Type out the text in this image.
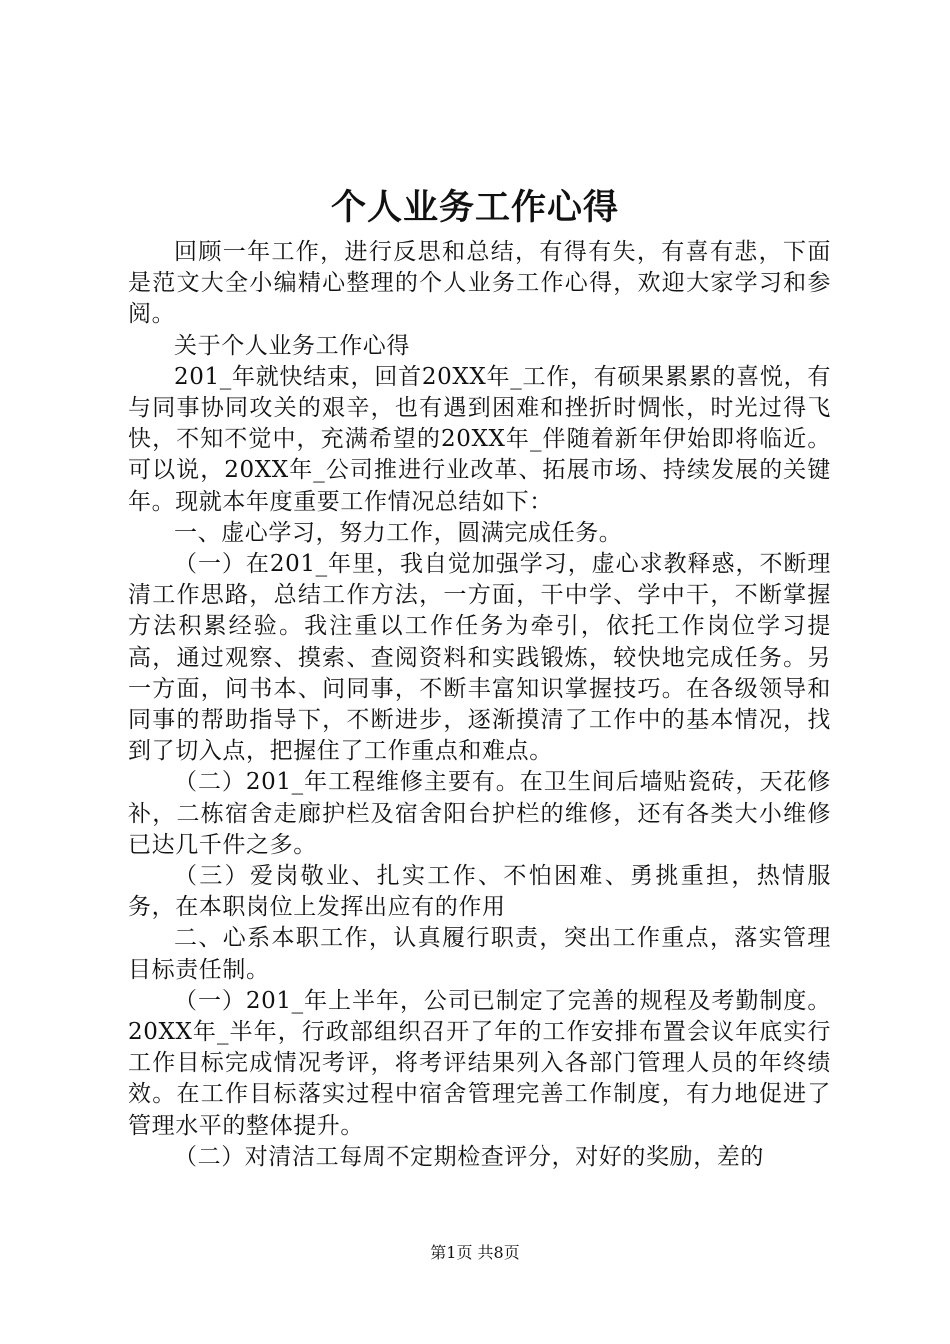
个人业务工作心得

回顾一年工作，进行反思和总结，有得有失，有喜有悲，下面是范文大全小编精心整理的个人业务工作心得，欢迎大家学习和参阅。

关于个人业务工作心得

201_年就快结束，回首20XX年_工作，有硕果累累的喜悦，有与同事协同攻关的艰辛，也有遇到困难和挫折时惆怅，时光过得飞快，不知不觉中，充满希望的20XX年_伴随着新年伊始即将临近。可以说，20XX年_公司推进行业改革、拓展市场、持续发展的关键年。现就本年度重要工作情况总结如下：

一、虚心学习，努力工作，圆满完成任务。

（一）在201_年里，我自觉加强学习，虚心求教释惑，不断理清工作思路，总结工作方法，一方面，干中学、学中干，不断掌握方法积累经验。我注重以工作任务为牵引，依托工作岗位学习提高，通过观察、摸索、查阅资料和实践锻炼，较快地完成任务。另一方面，问书本、问同事，不断丰富知识掌握技巧。在各级领导和同事的帮助指导下，不断进步，逐渐摸清了工作中的基本情况，找到了切入点，把握住了工作重点和难点。

（二）201_年工程维修主要有。在卫生间后墙贴瓷砖，天花修补，二栋宿舍走廊护栏及宿舍阳台护栏的维修，还有各类大小维修已达几千件之多。

（三）爱岗敬业、扎实工作、不怕困难、勇挑重担，热情服务，在本职岗位上发挥出应有的作用

二、心系本职工作，认真履行职责，突出工作重点，落实管理目标责任制。

（一）201_年上半年，公司已制定了完善的规程及考勤制度。20XX年_半年，行政部组织召开了年的工作安排布置会议年底实行工作目标完成情况考评，将考评结果列入各部门管理人员的年终绩效。在工作目标落实过程中宿舍管理完善工作制度，有力地促进了管理水平的整体提升。

（二）对清洁工每周不定期检查评分，对好的奖励，差的

第1页 共8页
